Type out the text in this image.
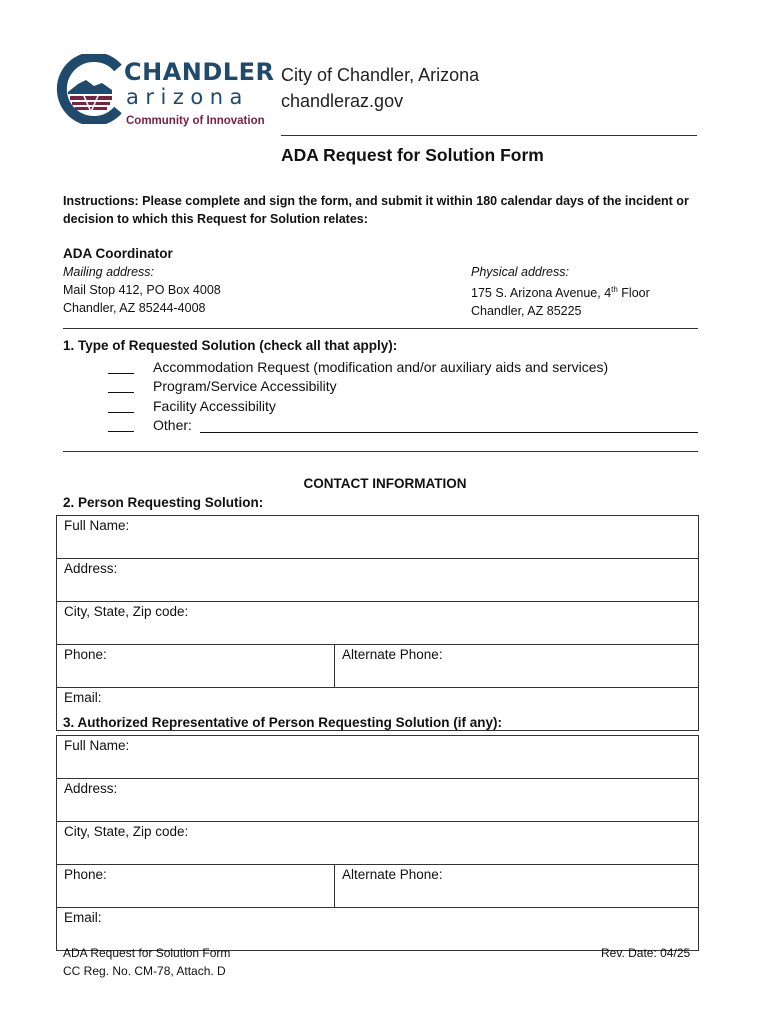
CHANDLER
arizona
Community of Innovation
City of Chandler, Arizona
chandleraz.gov
ADA Request for Solution Form
Instructions: Please complete and sign the form, and submit it within 180 calendar days of the incident or decision to which this Request for Solution relates:
ADA Coordinator
Mailing address:
Mail Stop 412, PO Box 4008
Chandler, AZ 85244-4008
Physical address:
175 S. Arizona Avenue, 4th Floor
Chandler, AZ 85225
1. Type of Requested Solution (check all that apply):
Accommodation Request (modification and/or auxiliary aids and services)
Program/Service Accessibility
Facility Accessibility
Other:
CONTACT INFORMATION
2. Person Requesting Solution:
Full Name:
Address:
City, State, Zip code:
Phone:	Alternate Phone:
Email:
3. Authorized Representative of Person Requesting Solution (if any):
Full Name:
Address:
City, State, Zip code:
Phone:	Alternate Phone:
Email:
ADA Request for Solution Form
CC Reg. No. CM-78, Attach. D
Rev. Date: 04/25
